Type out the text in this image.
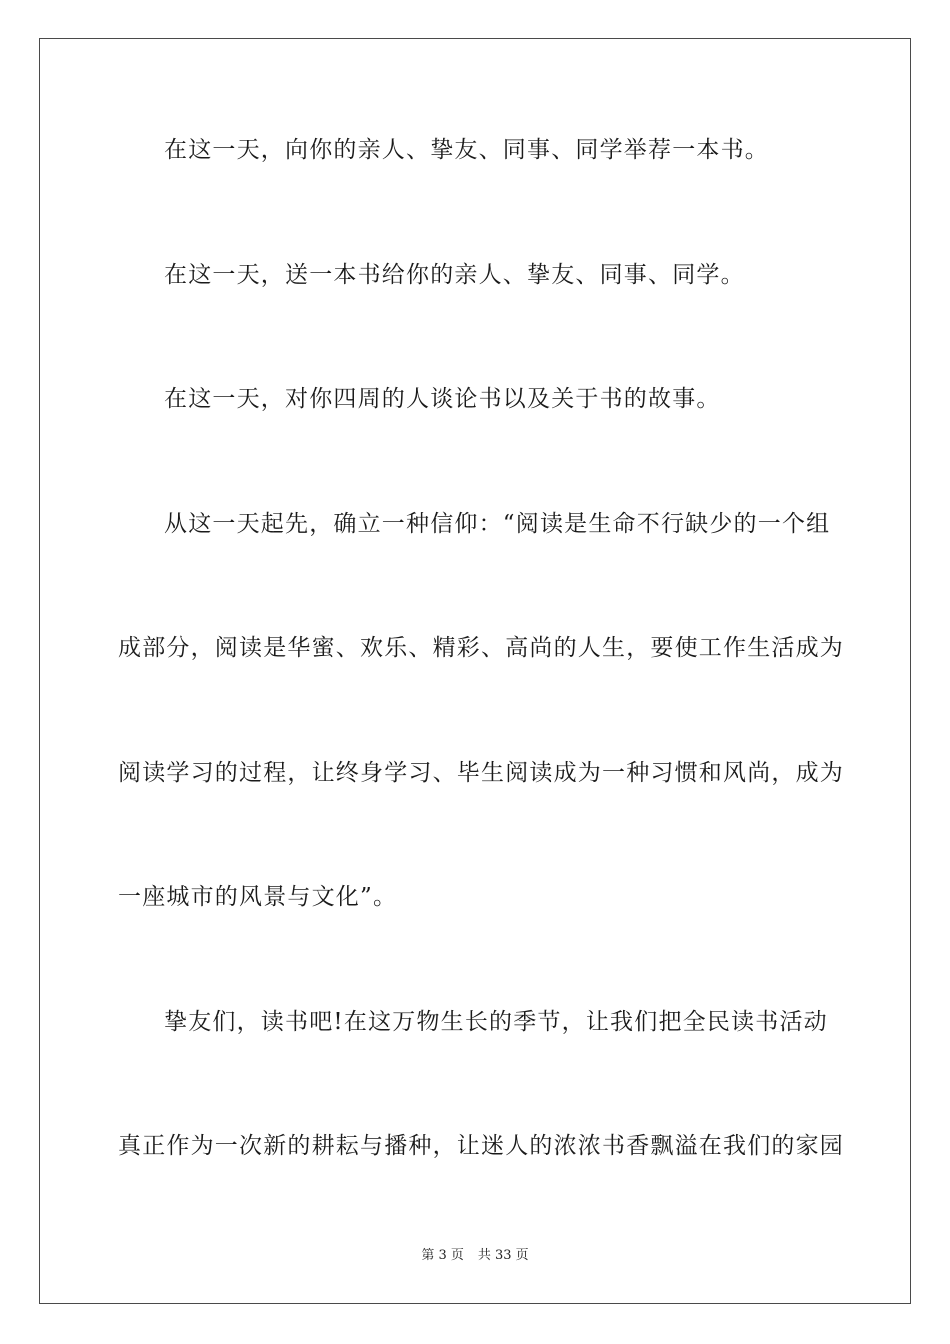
在这一天，向你的亲人、挚友、同事、同学举荐一本书。
在这一天，送一本书给你的亲人、挚友、同事、同学。
在这一天，对你四周的人谈论书以及关于书的故事。
从这一天起先，确立一种信仰：“阅读是生命不行缺少的一个组
成部分，阅读是华蜜、欢乐、精彩、高尚的人生，要使工作生活成为
阅读学习的过程，让终身学习、毕生阅读成为一种习惯和风尚，成为
一座城市的风景与文化”。
挚友们，读书吧!在这万物生长的季节，让我们把全民读书活动
真正作为一次新的耕耘与播种，让迷人的浓浓书香飘溢在我们的家园
第 3 页 共 33 页
